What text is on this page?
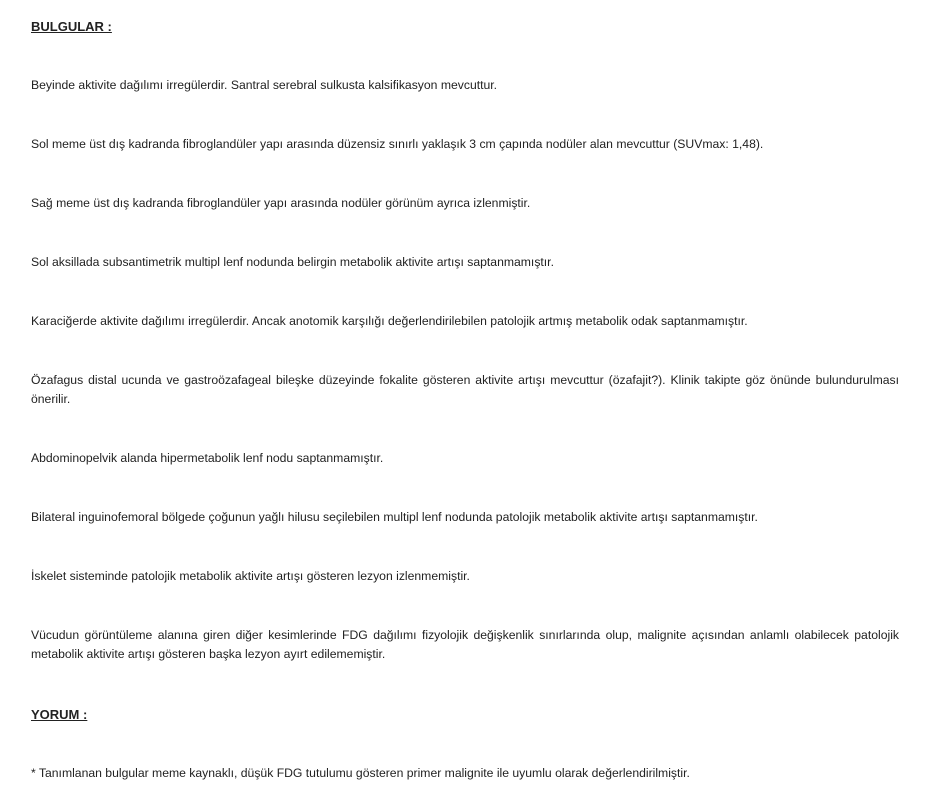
BULGULAR :

Beyinde aktivite dağılımı irregülerdir. Santral serebral sulkusta kalsifikasyon mevcuttur.

Sol meme üst dış kadranda fibroglandüler yapı arasında düzensiz sınırlı yaklaşık 3 cm çapında nodüler alan mevcuttur (SUVmax: 1,48).

Sağ meme üst dış kadranda fibroglandüler yapı arasında nodüler görünüm ayrıca izlenmiştir.

Sol aksillada subsantimetrik multipl lenf nodunda belirgin metabolik aktivite artışı saptanmamıştır.

Karaciğerde aktivite dağılımı irregülerdir. Ancak anotomik karşılığı değerlendirilebilen patolojik artmış metabolik odak saptanmamıştır.

Özafagus distal ucunda ve gastroözafageal bileşke düzeyinde fokalite gösteren aktivite artışı mevcuttur (özafajit?). Klinik takipte göz önünde bulundurulması önerilir.

Abdominopelvik alanda hipermetabolik lenf nodu saptanmamıştır.

Bilateral inguinofemoral bölgede çoğunun yağlı hilusu seçilebilen multipl lenf nodunda patolojik metabolik aktivite artışı saptanmamıştır.

İskelet sisteminde patolojik metabolik aktivite artışı gösteren lezyon izlenmemiştir.

Vücudun görüntüleme alanına giren diğer kesimlerinde FDG dağılımı fizyolojik değişkenlik sınırlarında olup, malignite açısından anlamlı olabilecek patolojik metabolik aktivite artışı gösteren başka lezyon ayırt edilememiştir.

YORUM :

* Tanımlanan bulgular meme kaynaklı, düşük FDG tutulumu gösteren primer malignite ile uyumlu olarak değerlendirilmiştir.
